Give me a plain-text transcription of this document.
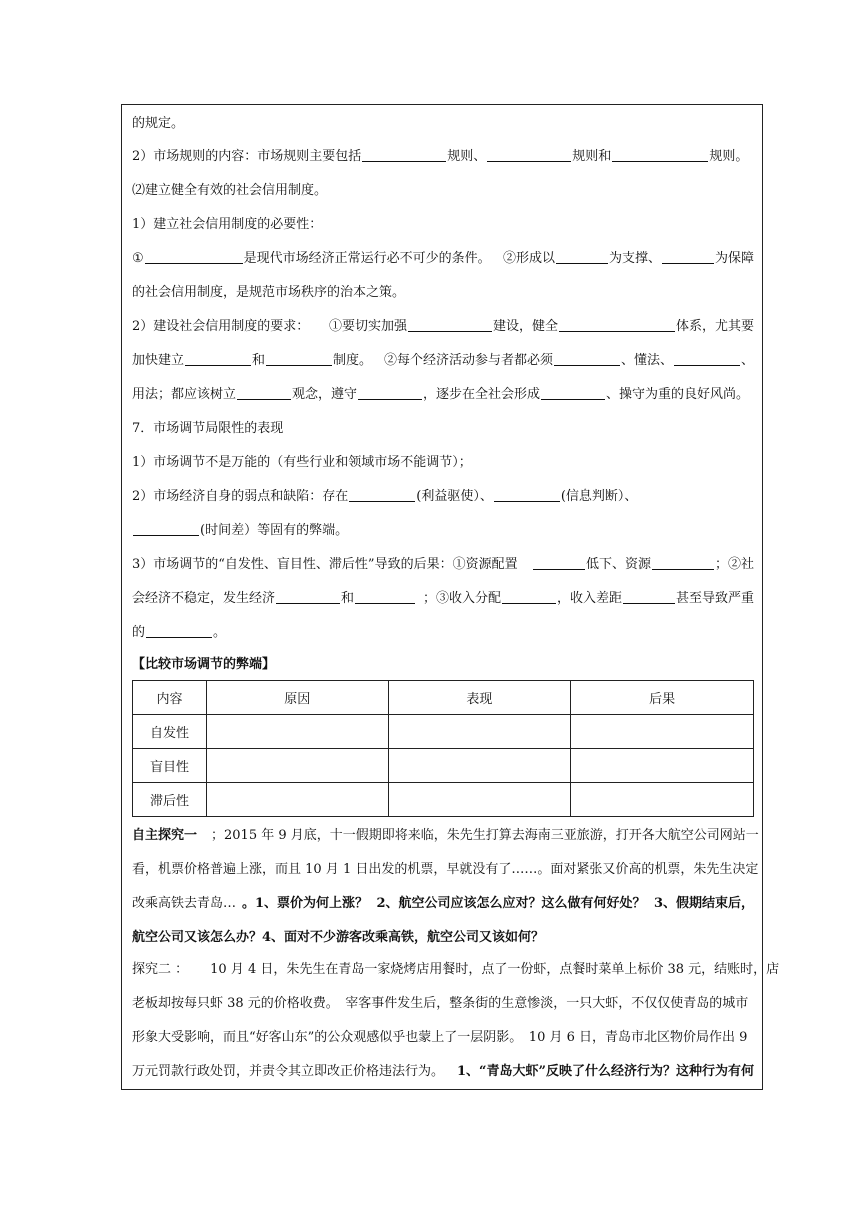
的规定。
2）市场规则的内容：市场规则主要包括	规则、	规则和	规则。
⑵建立健全有效的社会信用制度。
1）建立社会信用制度的必要性：
①	是现代市场经济正常运行必不可少的条件。 ②形成以	为支撑、	为保障
的社会信用制度，是规范市场秩序的治本之策。
2）建设社会信用制度的要求： ①要切实加强	建设，健全	体系，尤其要
加快建立	和	制度。 ②每个经济活动参与者都必须	、懂法、	、
用法；都应该树立	观念，遵守	，逐步在全社会形成	、操守为重的良好风尚。
7．市场调节局限性的表现
1）市场调节不是万能的（有些行业和领域市场不能调节）；
2）市场经济自身的弱点和缺陷：存在	(利益驱使）、	(信息判断）、
(时间差）等固有的弊端。
3）市场调节的“自发性、盲目性、滞后性”导致的后果：①资源配置	低下、资源	；②社
会经济不稳定，发生经济	和	；③收入分配	，收入差距	甚至导致严重
的	。
【比较市场调节的弊端】
内容	原因	表现	后果
自发性			
盲目性			
滞后性			
自主探究一 ；2015 年 9 月底，十一假期即将来临，朱先生打算去海南三亚旅游，打开各大航空公司网站一
看，机票价格普遍上涨，而且 10 月 1 日出发的机票，早就没有了……。面对紧张又价高的机票，朱先生决定
改乘高铁去青岛… 。1、票价为何上涨？ 2、航空公司应该怎么应对？这么做有何好处？ 3、假期结束后，
航空公司又该怎么办？4、面对不少游客改乘高铁，航空公司又该如何？
探究二 ： 10 月 4 日，朱先生在青岛一家烧烤店用餐时，点了一份虾，点餐时菜单上标价 38 元，结账时，店
老板却按每只虾 38 元的价格收费。　宰客事件发生后，整条街的生意惨淡，一只大虾，不仅仅使青岛的城市
形象大受影响，而且“好客山东”的公众观感似乎也蒙上了一层阴影。　10 月 6 日，青岛市北区物价局作出 9
万元罚款行政处罚，并责令其立即改正价格违法行为。 1、“青岛大虾”反映了什么经济行为？这种行为有何
